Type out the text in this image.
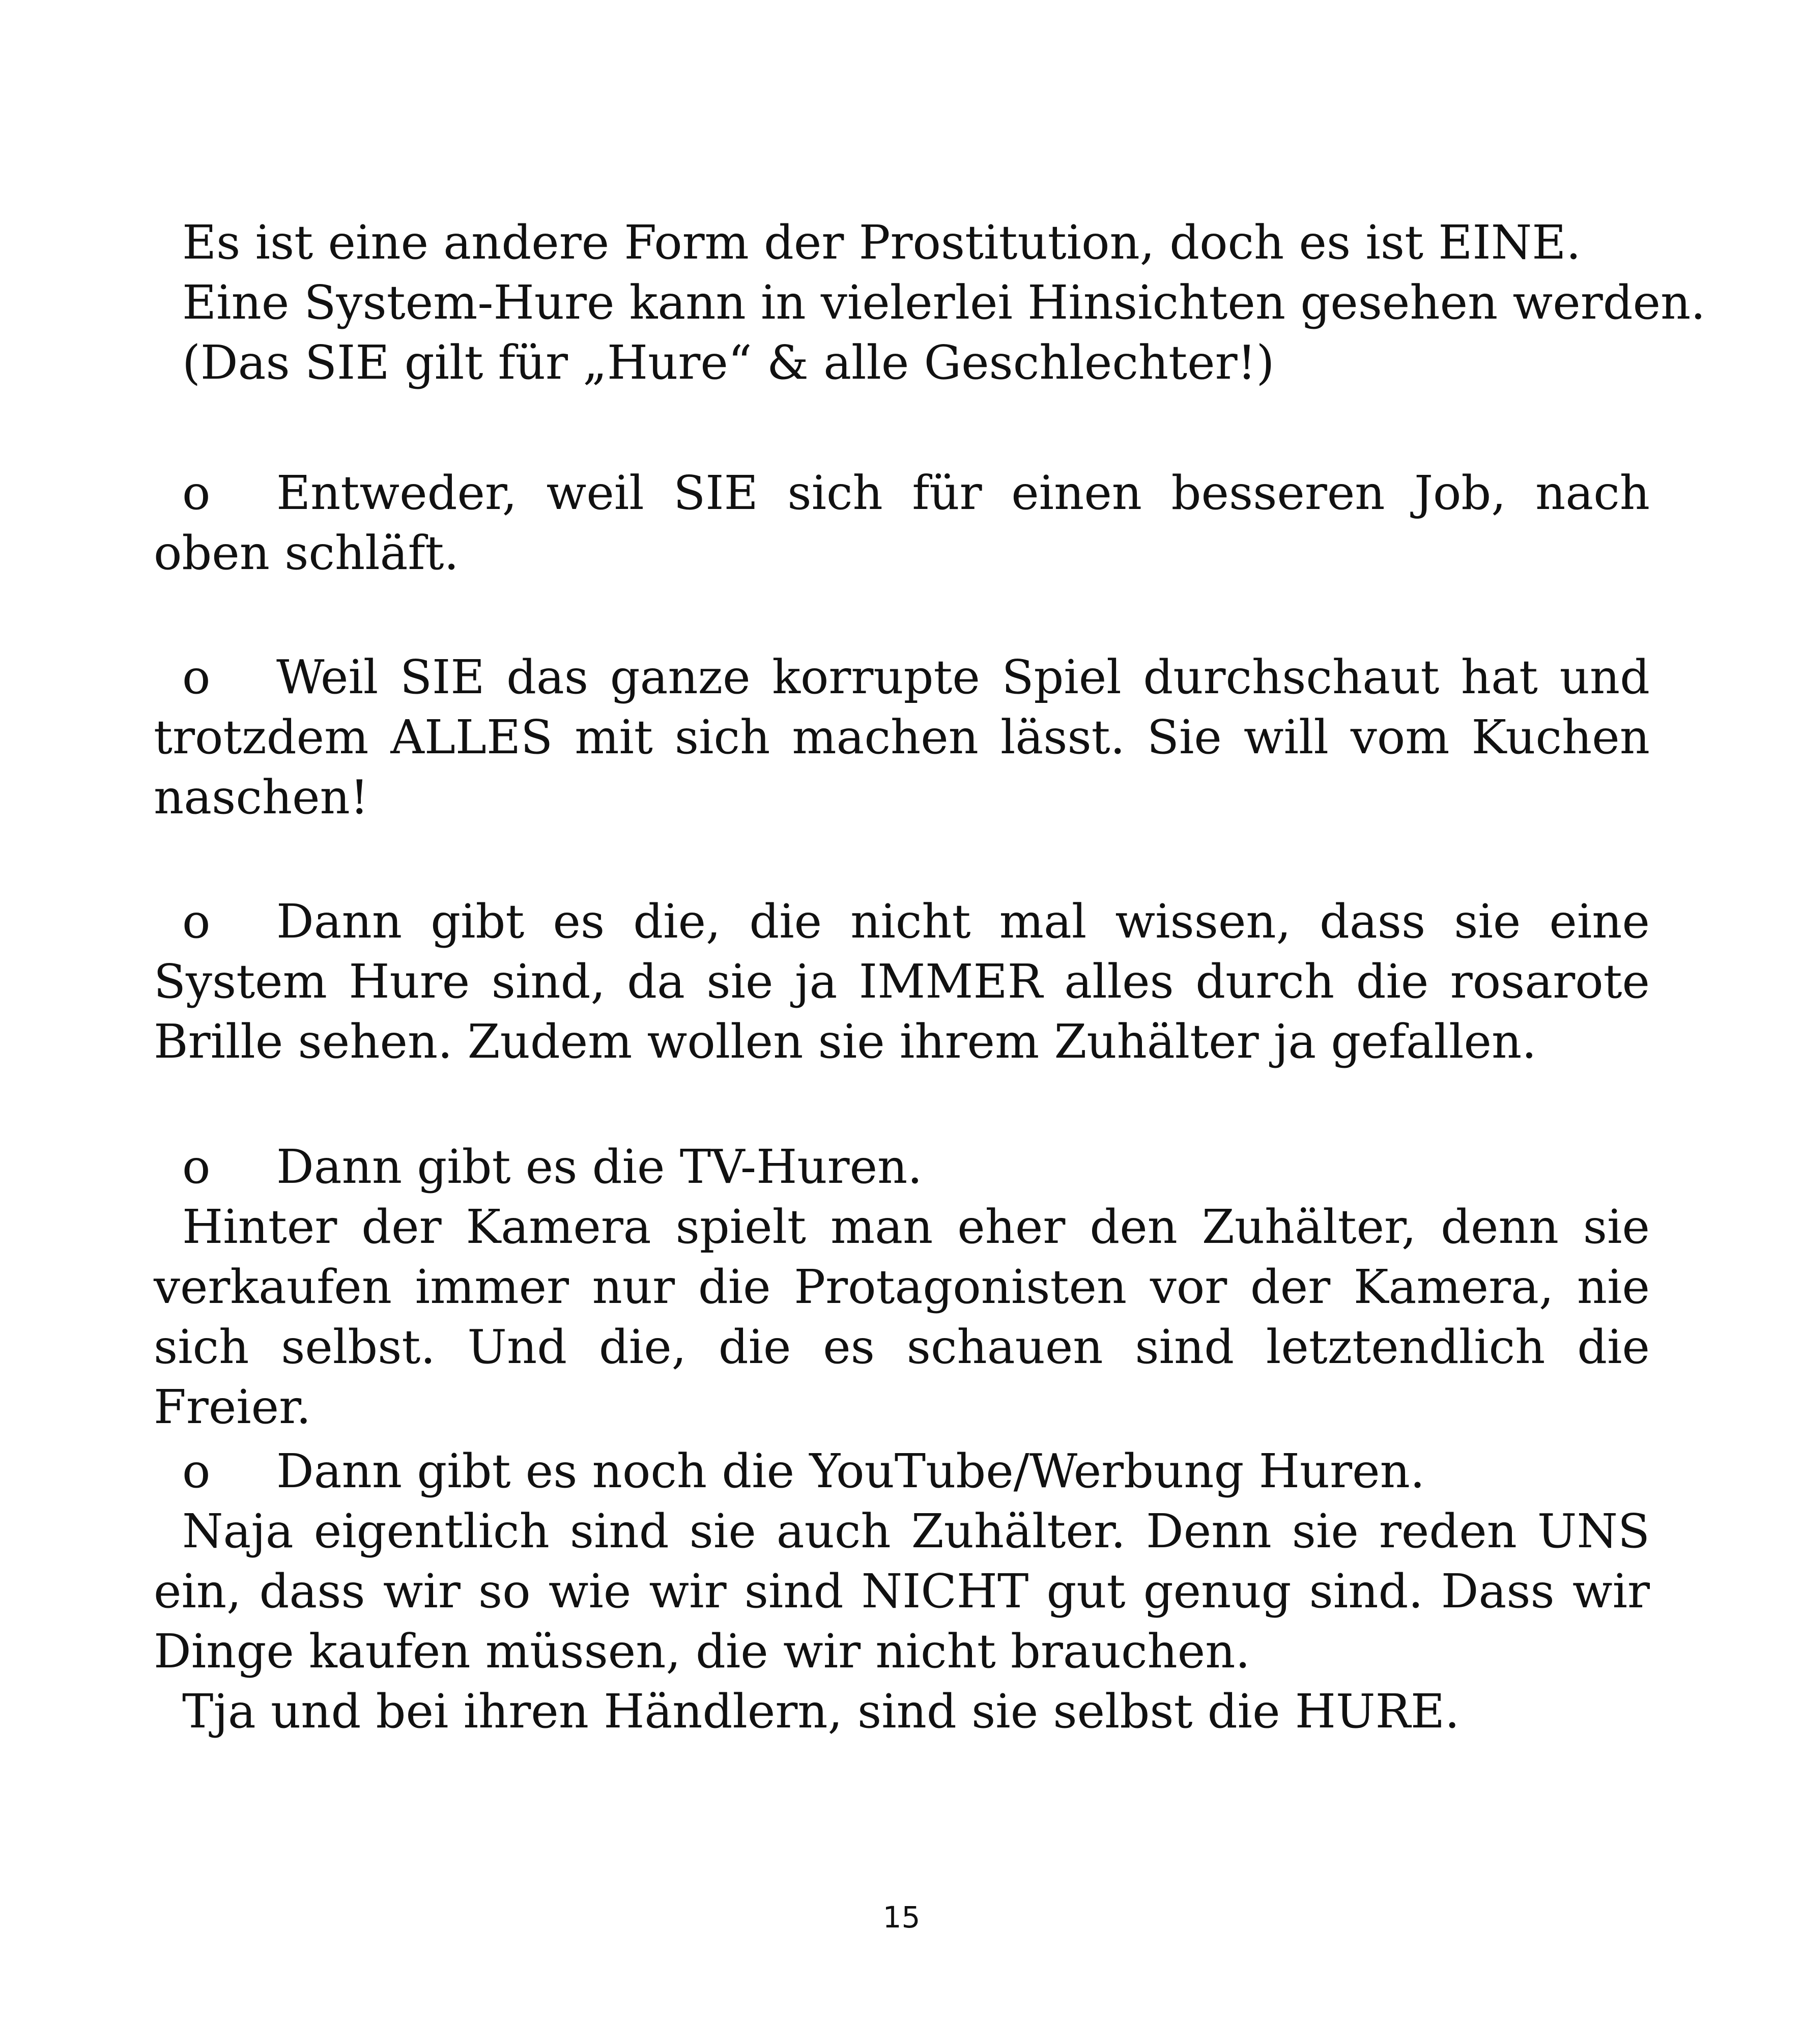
Es ist eine andere Form der Prostitution, doch es ist EINE.
Eine System-Hure kann in vielerlei Hinsichten gesehen werden.
(Das SIE gilt für „Hure“ & alle Geschlechter!)

o Entweder, weil SIE sich für einen besseren Job, nach oben schläft.

o Weil SIE das ganze korrupte Spiel durchschaut hat und trotzdem ALLES mit sich machen lässt. Sie will vom Kuchen naschen!

o Dann gibt es die, die nicht mal wissen, dass sie eine System Hure sind, da sie ja IMMER alles durch die rosarote Brille sehen. Zudem wollen sie ihrem Zuhälter ja gefallen.

o Dann gibt es die TV-Huren.

Hinter der Kamera spielt man eher den Zuhälter, denn sie verkaufen immer nur die Protagonisten vor der Kamera, nie sich selbst. Und die, die es schauen sind letztendlich die Freier.

o Dann gibt es noch die YouTube/Werbung Huren.

Naja eigentlich sind sie auch Zuhälter. Denn sie reden UNS ein, dass wir so wie wir sind NICHT gut genug sind. Dass wir Dinge kaufen müssen, die wir nicht brauchen.

Tja und bei ihren Händlern, sind sie selbst die HURE.

15
